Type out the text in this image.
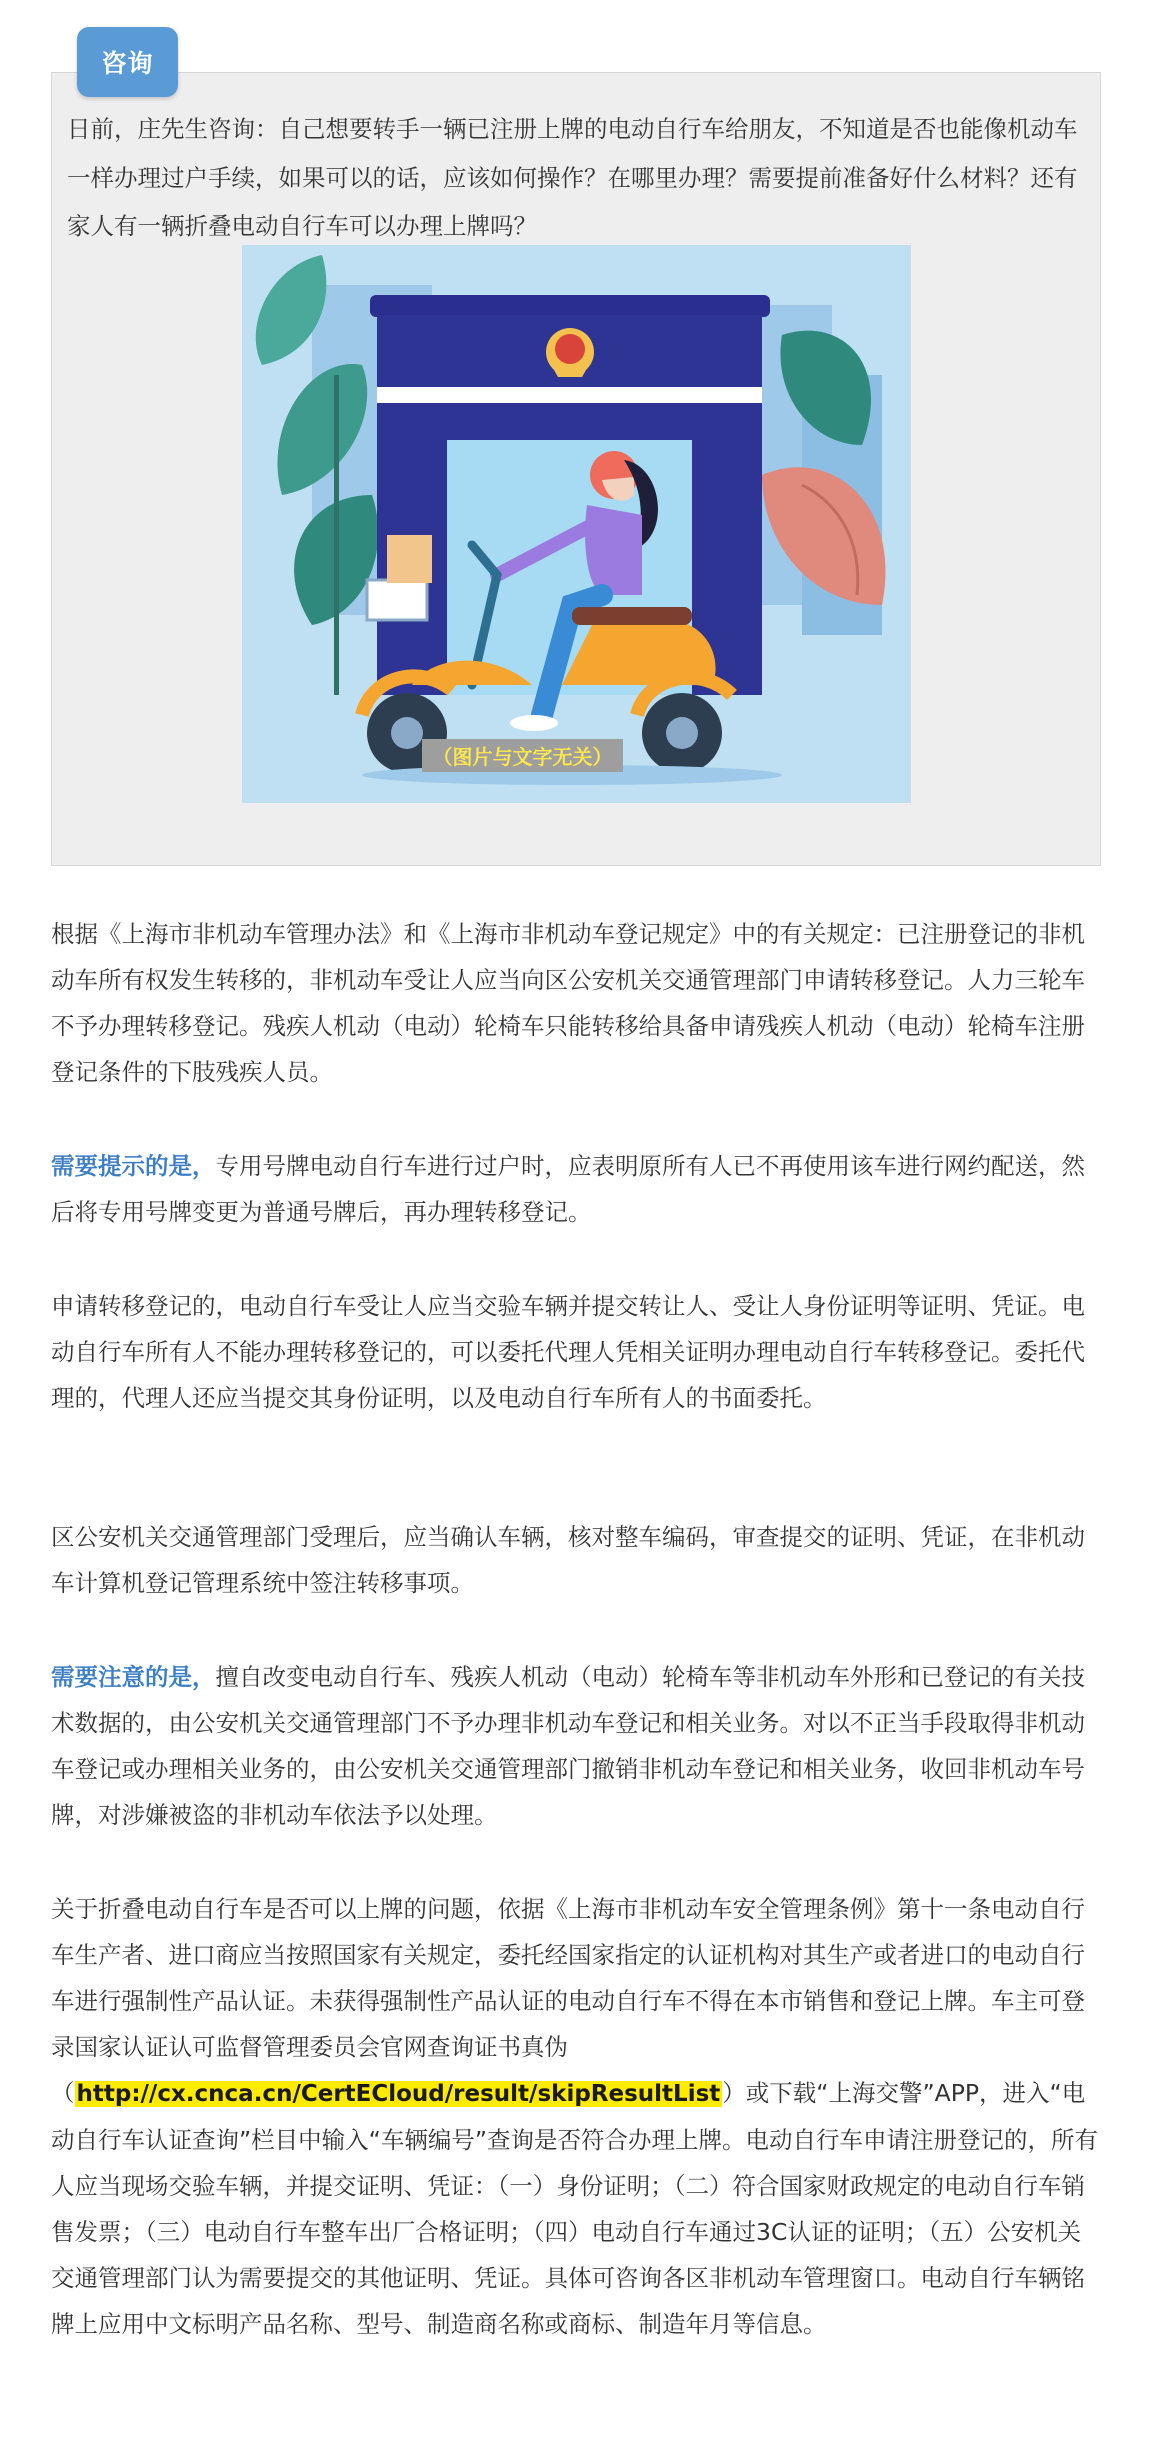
咨询

日前，庄先生咨询：自己想要转手一辆已注册上牌的电动自行车给朋友，不知道是否也能像机动车一样办理过户手续，如果可以的话，应该如何操作？在哪里办理？需要提前准备好什么材料？还有家人有一辆折叠电动自行车可以办理上牌吗？

（图片与文字无关）

根据《上海市非机动车管理办法》和《上海市非机动车登记规定》中的有关规定：已注册登记的非机动车所有权发生转移的，非机动车受让人应当向区公安机关交通管理部门申请转移登记。人力三轮车不予办理转移登记。残疾人机动（电动）轮椅车只能转移给具备申请残疾人机动（电动）轮椅车注册登记条件的下肢残疾人员。

需要提示的是，专用号牌电动自行车进行过户时，应表明原所有人已不再使用该车进行网约配送，然后将专用号牌变更为普通号牌后，再办理转移登记。

申请转移登记的，电动自行车受让人应当交验车辆并提交转让人、受让人身份证明等证明、凭证。电动自行车所有人不能办理转移登记的，可以委托代理人凭相关证明办理电动自行车转移登记。委托代理的，代理人还应当提交其身份证明，以及电动自行车所有人的书面委托。

区公安机关交通管理部门受理后，应当确认车辆，核对整车编码，审查提交的证明、凭证，在非机动车计算机登记管理系统中签注转移事项。

需要注意的是，擅自改变电动自行车、残疾人机动（电动）轮椅车等非机动车外形和已登记的有关技术数据的，由公安机关交通管理部门不予办理非机动车登记和相关业务。对以不正当手段取得非机动车登记或办理相关业务的，由公安机关交通管理部门撤销非机动车登记和相关业务，收回非机动车号牌，对涉嫌被盗的非机动车依法予以处理。

关于折叠电动自行车是否可以上牌的问题，依据《上海市非机动车安全管理条例》第十一条电动自行车生产者、进口商应当按照国家有关规定，委托经国家指定的认证机构对其生产或者进口的电动自行车进行强制性产品认证。未获得强制性产品认证的电动自行车不得在本市销售和登记上牌。车主可登录国家认证认可监督管理委员会官网查询证书真伪（http://cx.cnca.cn/CertECloud/result/skipResultList）或下载“上海交警”APP，进入“电动自行车认证查询”栏目中输入“车辆编号”查询是否符合办理上牌。电动自行车申请注册登记的，所有人应当现场交验车辆，并提交证明、凭证：（一）身份证明；（二）符合国家财政规定的电动自行车销售发票；（三）电动自行车整车出厂合格证明；（四）电动自行车通过3C认证的证明；（五）公安机关交通管理部门认为需要提交的其他证明、凭证。具体可咨询各区非机动车管理窗口。电动自行车辆铭牌上应用中文标明产品名称、型号、制造商名称或商标、制造年月等信息。
